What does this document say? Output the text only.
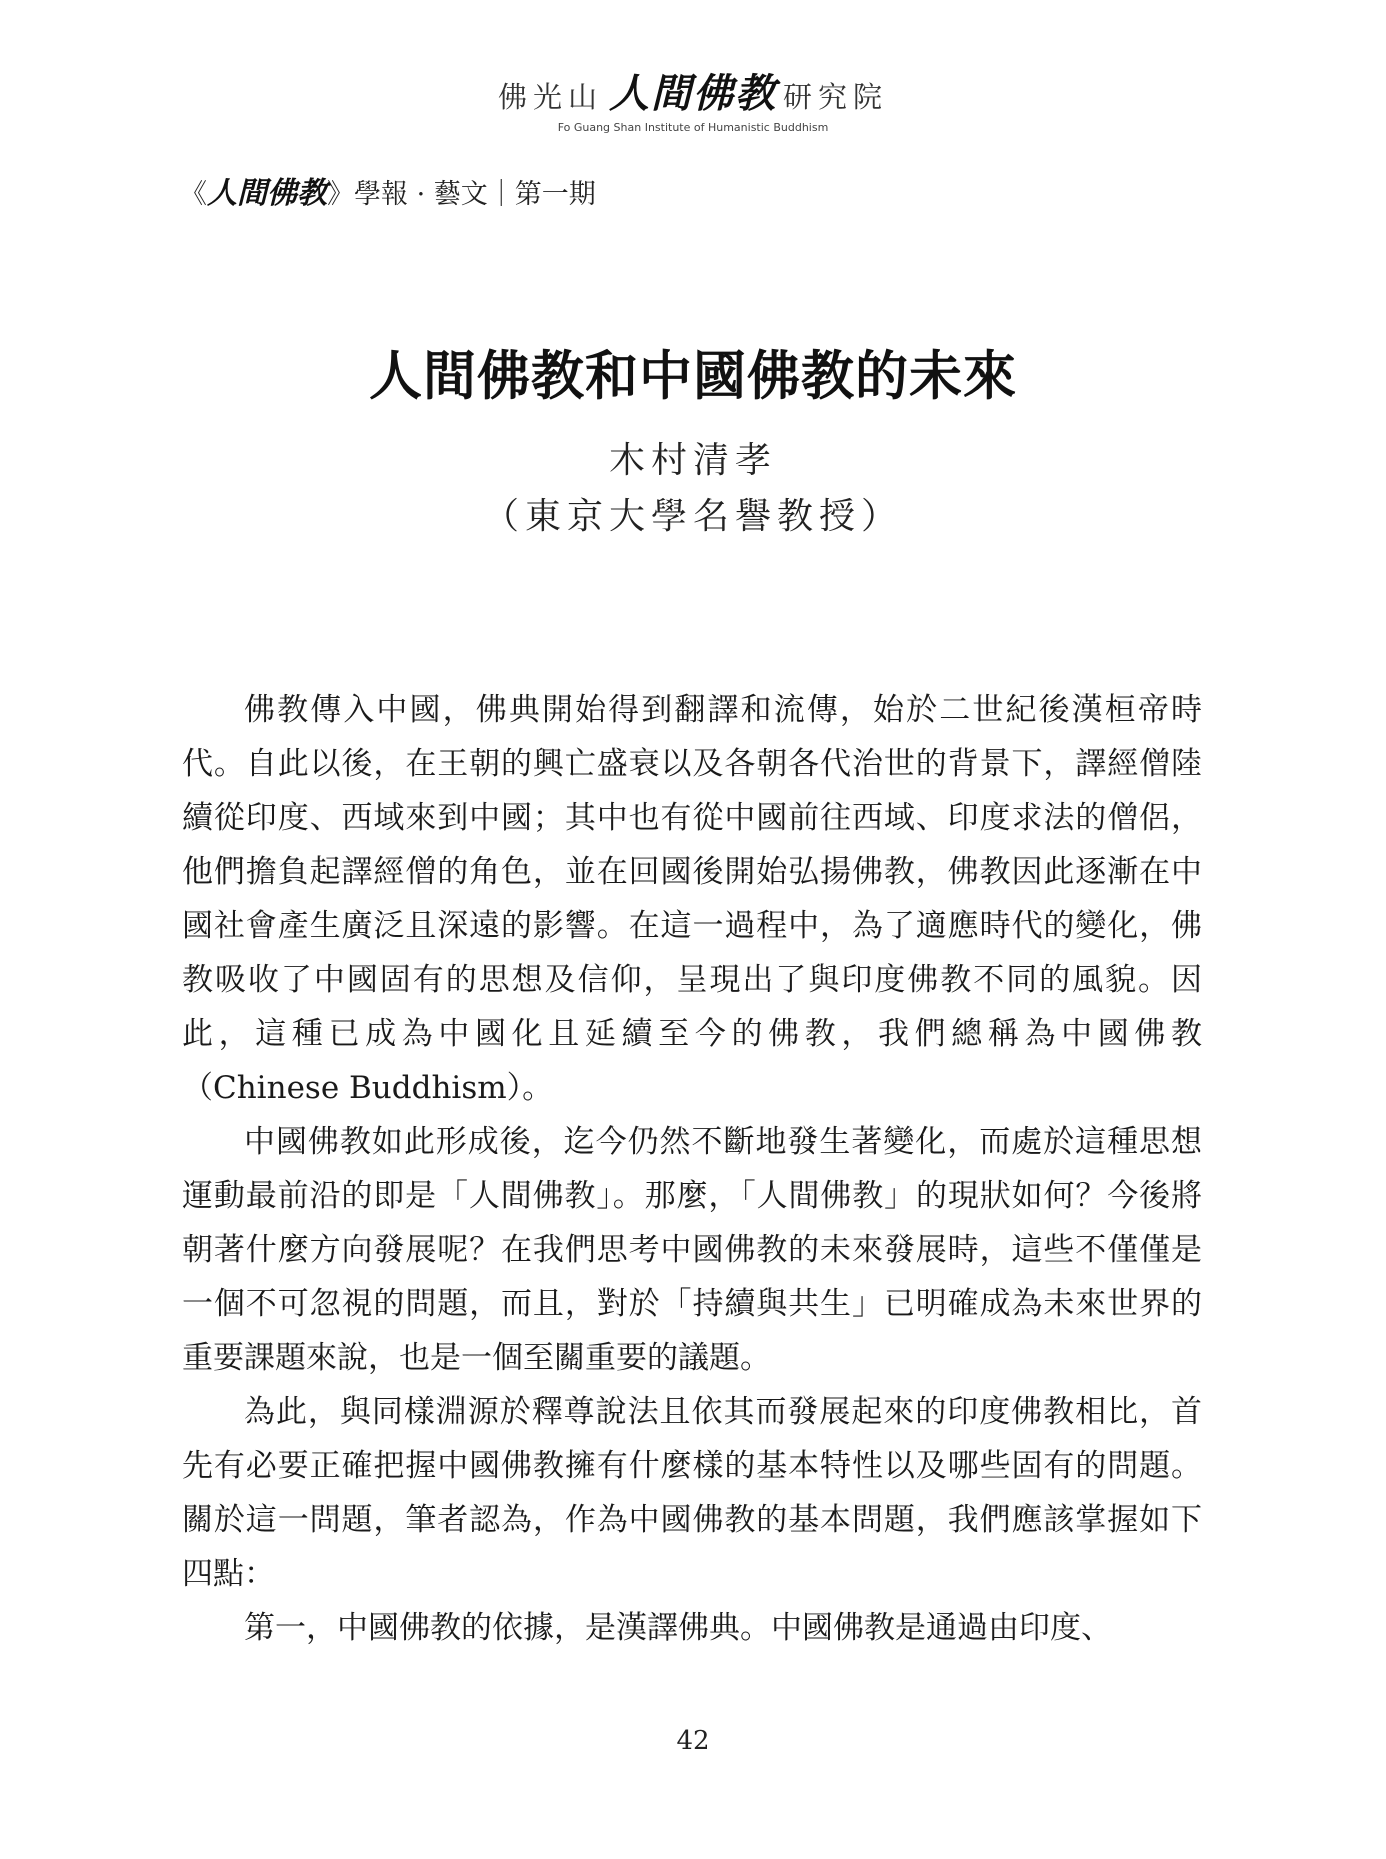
佛光山 人間佛教 研究院
Fo Guang Shan Institute of Humanistic Buddhism
《人間佛教》學報 · 藝文｜第一期
人間佛教和中國佛教的未來
木村清孝
（東京大學名譽教授）

佛教傳入中國，佛典開始得到翻譯和流傳，始於二世紀後漢桓帝時代。自此以後，在王朝的興亡盛衰以及各朝各代治世的背景下，譯經僧陸續從印度、西域來到中國；其中也有從中國前往西域、印度求法的僧侶，他們擔負起譯經僧的角色，並在回國後開始弘揚佛教，佛教因此逐漸在中國社會產生廣泛且深遠的影響。在這一過程中，為了適應時代的變化，佛教吸收了中國固有的思想及信仰，呈現出了與印度佛教不同的風貌。因此，這種已成為中國化且延續至今的佛教，我們總稱為中國佛教（Chinese Buddhism）。

中國佛教如此形成後，迄今仍然不斷地發生著變化，而處於這種思想運動最前沿的即是「人間佛教」。那麼，「人間佛教」的現狀如何？今後將朝著什麼方向發展呢？在我們思考中國佛教的未來發展時，這些不僅僅是一個不可忽視的問題，而且，對於「持續與共生」已明確成為未來世界的重要課題來說，也是一個至關重要的議題。

為此，與同樣淵源於釋尊說法且依其而發展起來的印度佛教相比，首先有必要正確把握中國佛教擁有什麼樣的基本特性以及哪些固有的問題。關於這一問題，筆者認為，作為中國佛教的基本問題，我們應該掌握如下四點：

第一，中國佛教的依據，是漢譯佛典。中國佛教是通過由印度、

42
